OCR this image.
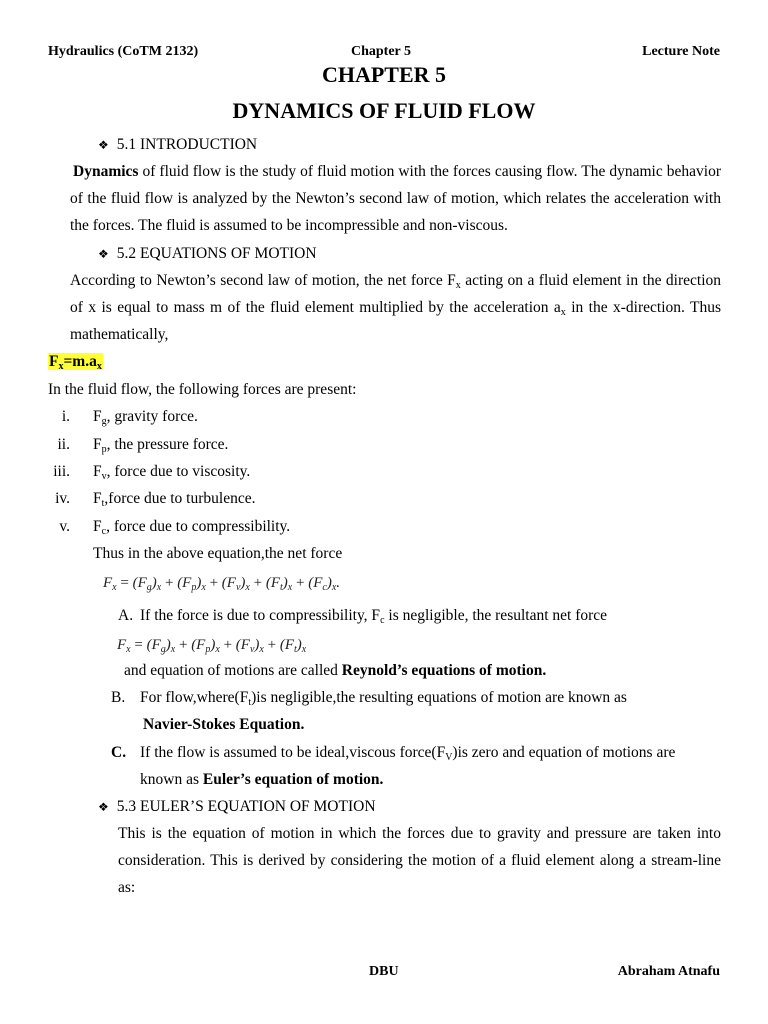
Hydraulics (CoTM 2132)	Chapter 5	Lecture Note
CHAPTER 5
DYNAMICS OF FLUID FLOW
❖ 5.1 INTRODUCTION
Dynamics of fluid flow is the study of fluid motion with the forces causing flow. The dynamic behavior of the fluid flow is analyzed by the Newton’s second law of motion, which relates the acceleration with the forces. The fluid is assumed to be incompressible and non-viscous.
❖ 5.2 EQUATIONS OF MOTION
According to Newton’s second law of motion, the net force $F_x$ acting on a fluid element in the direction of x is equal to mass m of the fluid element multiplied by the acceleration $a_x$ in the x-direction. Thus mathematically,
$F_x=m.a_x$
In the fluid flow, the following forces are present:
i. $F_g$, gravity force.
ii. $F_p$, the pressure force.
iii. $F_v$, force due to viscosity.
iv. $F_t,force$ due to turbulence.
v. $F_c$, force due to compressibility.
Thus in the above equation,the net force
$F_x = (F_g)_x + (F_p)_x + (F_v)_x + (F_t)_x + (F_c)_x$.
A. If the force is due to compressibility, $F_c$ is negligible, the resultant net force
$F_x = (F_g)_x + (F_p)_x + (F_v)_x + (F_t)_x$
and equation of motions are called Reynold’s equations of motion.
B. For $flow,where(F_t)is$ negligible,the resulting equations of motion are known as
Navier-Stokes Equation.
C. If the flow is assumed to be ideal,viscous $force(F_V)is$ zero and equation of motions are
known as Euler’s equation of motion.
❖ 5.3 EULER’S EQUATION OF MOTION
This is the equation of motion in which the forces due to gravity and pressure are taken into consideration. This is derived by considering the motion of a fluid element along a stream-line as:
DBU	Abraham Atnafu
